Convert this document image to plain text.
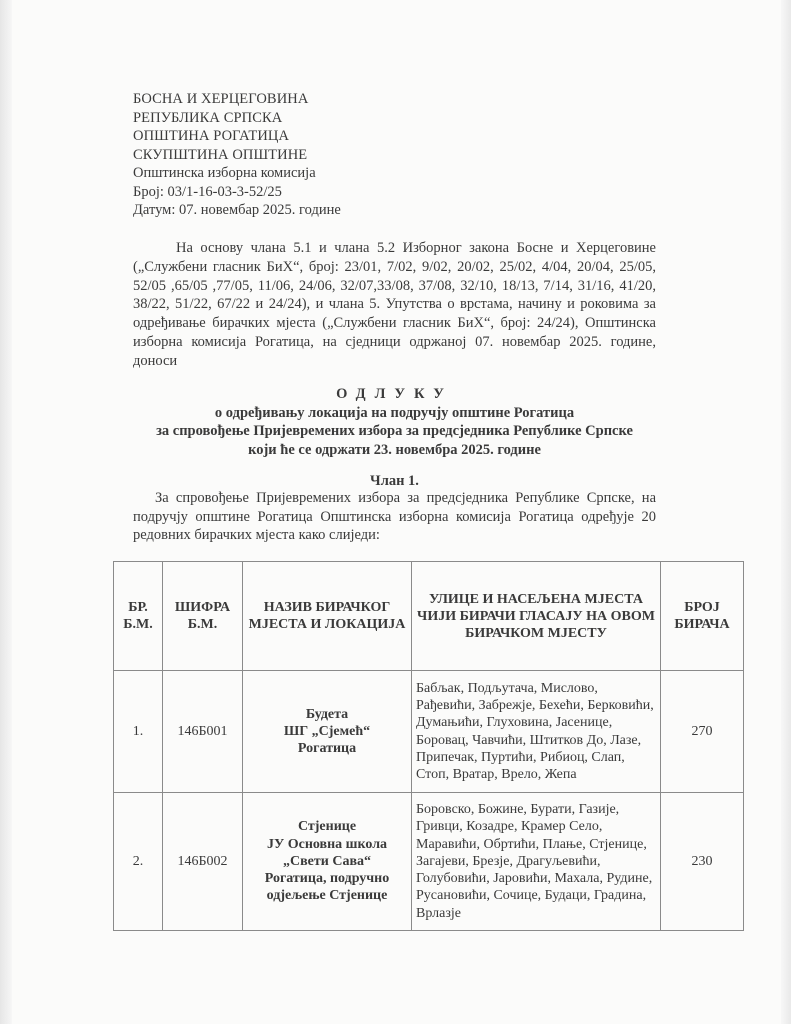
БОСНА И ХЕРЦЕГОВИНА
РЕПУБЛИКА СРПСКА
ОПШТИНА РОГАТИЦА
СКУПШТИНА ОПШТИНЕ
Општинска изборна комисија
Број: 03/1-16-03-3-52/25
Датум: 07. новембар 2025. године

На основу члана 5.1 и члана 5.2 Изборног закона Босне и Херцеговине („Службени гласник БиХ“, број: 23/01, 7/02, 9/02, 20/02, 25/02, 4/04, 20/04, 25/05, 52/05 ,65/05 ,77/05, 11/06, 24/06, 32/07,33/08, 37/08, 32/10, 18/13, 7/14, 31/16, 41/20, 38/22, 51/22, 67/22 и 24/24), и члана 5. Упутства о врстама, начину и роковима за одређивање бирачких мјеста („Службени гласник БиХ“, број: 24/24), Општинска изборна комисија Рогатица, на сједници одржаној 07. новембар 2025. године, доноси

ОДЛУКУ
о одређивању локација на подручју општине Рогатица
за спровођење Пријевремених избора за предсједника Републике Српске
који ће се одржати 23. новембра 2025. године
Члан 1.

За спровођење Пријевремених избора за предсједника Републике Српске, на подручју општине Рогатица Општинска изборна комисија Рогатица одређује 20 редовних бирачких мјеста како слиједи:

БР. Б.М.	ШИФРА Б.М.	НАЗИВ БИРАЧКОГ МЈЕСТА И ЛОКАЦИЈА	УЛИЦЕ И НАСЕЉЕНА МЈЕСТА ЧИЈИ БИРАЧИ ГЛАСАЈУ НА ОВОМ БИРАЧКОМ МЈЕСТУ	БРОЈ БИРАЧА
1.	146Б001	Будета
ШГ „Сјемећ“
Рогатица	Бабљак, Подљутача, Мислово, Рађевићи, Забрежје, Бехећи, Берковићи, Думањићи, Глуховина, Јасенице, Боровац, Чавчићи, Штитков До, Лазе, Припечак, Пуртићи, Рибиоц, Слап, Стоп, Вратар, Врело, Жепа	270
2.	146Б002	
Стјенице
ЈУ Основна школа
„Свети Сава“
Рогатица, подручно
одјељење Стјенице
	Боровско, Божине, Бурати, Газије, Гривци, Козадре, Крамер Село, Маравићи, Обртићи, Плање, Стјенице, Загајеви, Брезје, Драгуљевићи, Голубовићи, Јаровићи, Махала, Рудине, Русановићи, Сочице, Будаци, Градина, Врлазје	230
